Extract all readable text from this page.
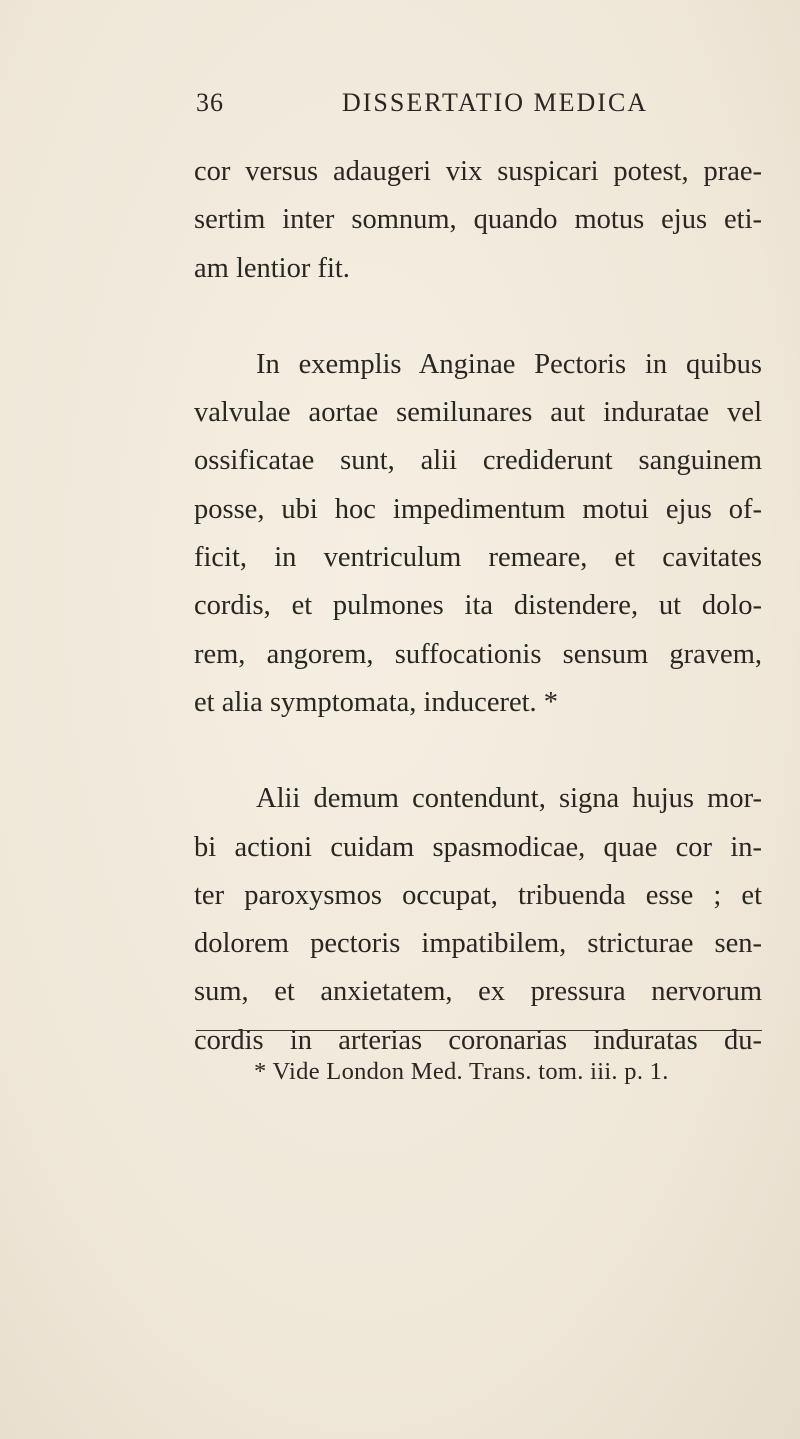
36	DISSERTATIO MEDICA
cor versus adaugeri vix suspicari potest, prae-
sertim inter somnum, quando motus ejus eti-
am lentior fit.
In exemplis Anginae Pectoris in quibus
valvulae aortae semilunares aut induratae vel
ossificatae sunt, alii crediderunt sanguinem
posse, ubi hoc impedimentum motui ejus of-
ficit, in ventriculum remeare, et cavitates
cordis, et pulmones ita distendere, ut dolo-
rem, angorem, suffocationis sensum gravem,
et alia symptomata, induceret. *
Alii demum contendunt, signa hujus mor-
bi actioni cuidam spasmodicae, quae cor in-
ter paroxysmos occupat, tribuenda esse ; et
dolorem pectoris impatibilem, stricturae sen-
sum, et anxietatem, ex pressura nervorum
cordis in arterias coronarias induratas du-
* Vide London Med. Trans. tom. iii. p. 1.
